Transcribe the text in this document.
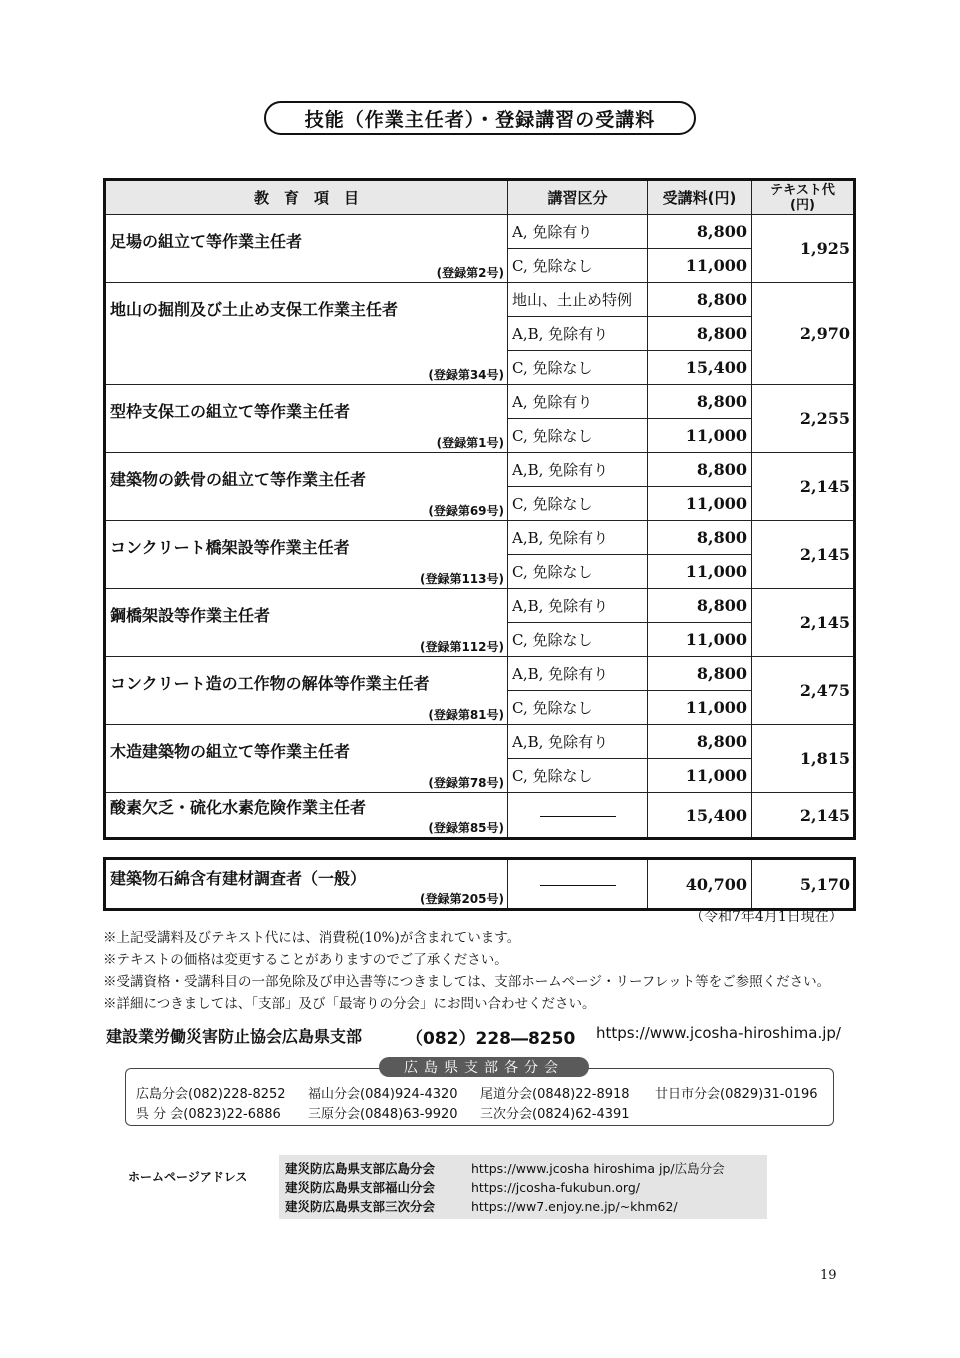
技能（作業主任者）・登録講習の受講料
教　育　項　目	講習区分	受講料(円)	テキスト代
(円)

足場の組立て等作業主任者
(登録第2号)	A, 免除有り	8,800	1,925
	C, 免除なし	11,000	

地山の掘削及び土止め支保工作業主任者
(登録第34号)	地山、土止め特例	8,800	2,970
	A,B, 免除有り	8,800	
	C, 免除なし	15,400	

型枠支保工の組立て等作業主任者
(登録第1号)	A, 免除有り	8,800	2,255
	C, 免除なし	11,000	

建築物の鉄骨の組立て等作業主任者
(登録第69号)	A,B, 免除有り	8,800	2,145
	C, 免除なし	11,000	

コンクリート橋架設等作業主任者
(登録第113号)	A,B, 免除有り	8,800	2,145
	C, 免除なし	11,000	

鋼橋架設等作業主任者
(登録第112号)	A,B, 免除有り	8,800	2,145
	C, 免除なし	11,000	

コンクリート造の工作物の解体等作業主任者
(登録第81号)	A,B, 免除有り	8,800	2,475
	C, 免除なし	11,000	

木造建築物の組立て等作業主任者
(登録第78号)	A,B, 免除有り	8,800	1,815
	C, 免除なし	11,000	

酸素欠乏・硫化水素危険作業主任者
(登録第85号)		15,400	2,145
建築物石綿含有建材調査者（一般）
(登録第205号)
		40,700	5,170
（令和7年4月1日現在）
※上記受講料及びテキスト代には、消費税(10%)が含まれています。
※テキストの価格は変更することがありますのでご了承ください。
※受講資格・受講科目の一部免除及び申込書等につきましては、支部ホームページ・リーフレット等をご参照ください。
※詳細につきましては、「支部」及び「最寄りの分会」にお問い合わせください。
建設業労働災害防止協会広島県支部	（082）228―8250 https://www.jcosha-hiroshima.jp/
広島県支部各分会
広島分会(082)228-8252 福山分会(084)924-4320 尾道分会(0848)22-8918 廿日市分会(0829)31-0196
呉 分 会(0823)22-6886 三原分会(0848)63-9920 三次分会(0824)62-4391
ホームページアドレス
建災防広島県支部広島分会	https://www.jcosha hiroshima jp/広島分会
建災防広島県支部福山分会	https://jcosha-fukubun.org/
建災防広島県支部三次分会	https://ww7.enjoy.ne.jp/~khm62/
19
